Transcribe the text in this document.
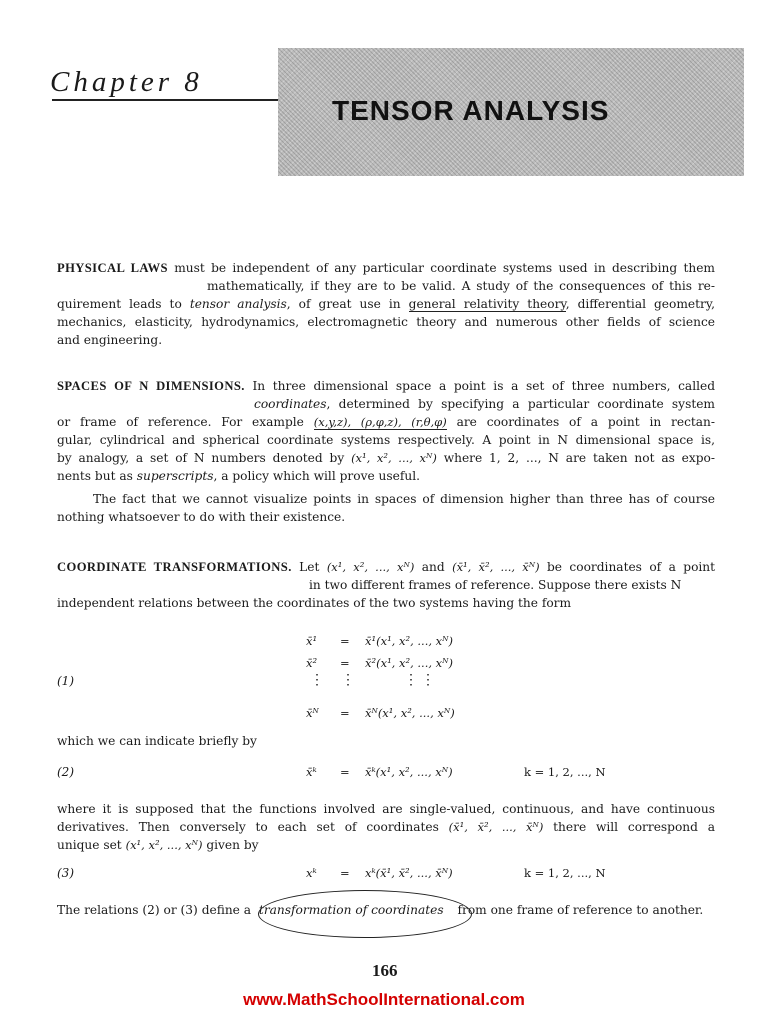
Chapter 8
TENSOR ANALYSIS

PHYSICAL LAWS must be independent of any particular coordinate systems used in describing them

mathematically, if they are to be valid. A study of the consequences of this re-

quirement leads to tensor analysis, of great use in general relativity theory, differential geometry,

mechanics, elasticity, hydrodynamics, electromagnetic theory and numerous other fields of science

and engineering.

SPACES OF N DIMENSIONS. In three dimensional space a point is a set of three numbers, called

coordinates, determined by specifying a particular coordinate system

or frame of reference. For example (x,y,z), (ρ,φ,z), (r,θ,φ) are coordinates of a point in rectan-

gular, cylindrical and spherical coordinate systems respectively. A point in N dimensional space is,

by analogy, a set of N numbers denoted by (x¹, x², ..., xᴺ) where 1, 2, ..., N are taken not as expo-

nents but as superscripts, a policy which will prove useful.

The fact that we cannot visualize points in spaces of dimension higher than three has of course

nothing whatsoever to do with their existence.

COORDINATE TRANSFORMATIONS. Let (x¹, x², ..., xᴺ) and (x̄¹, x̄², ..., x̄ᴺ) be coordinates of a point

in two different frames of reference. Suppose there exists N

independent relations between the coordinates of the two systems having the form

(1)
x̄¹ = x̄¹(x¹, x², ..., xᴺ)
x̄² = x̄²(x¹, x², ..., xᴺ)
⋮ ⋮	⋮ ⋮
x̄ᴺ = x̄ᴺ(x¹, x², ..., xᴺ)

which we can indicate briefly by

(2)	x̄ᵏ = x̄ᵏ(x¹, x², ..., xᴺ)	k = 1, 2, ..., N

where it is supposed that the functions involved are single-valued, continuous, and have continuous

derivatives. Then conversely to each set of coordinates (x̄¹, x̄², ..., x̄ᴺ) there will correspond a

unique set (x¹, x², ..., xᴺ) given by

(3)	xᵏ = xᵏ(x̄¹, x̄², ..., x̄ᴺ)	k = 1, 2, ..., N
The relations (2) or (3) define a transformation of coordinates from one frame of reference to another.
166
www.MathSchoolInternational.com
